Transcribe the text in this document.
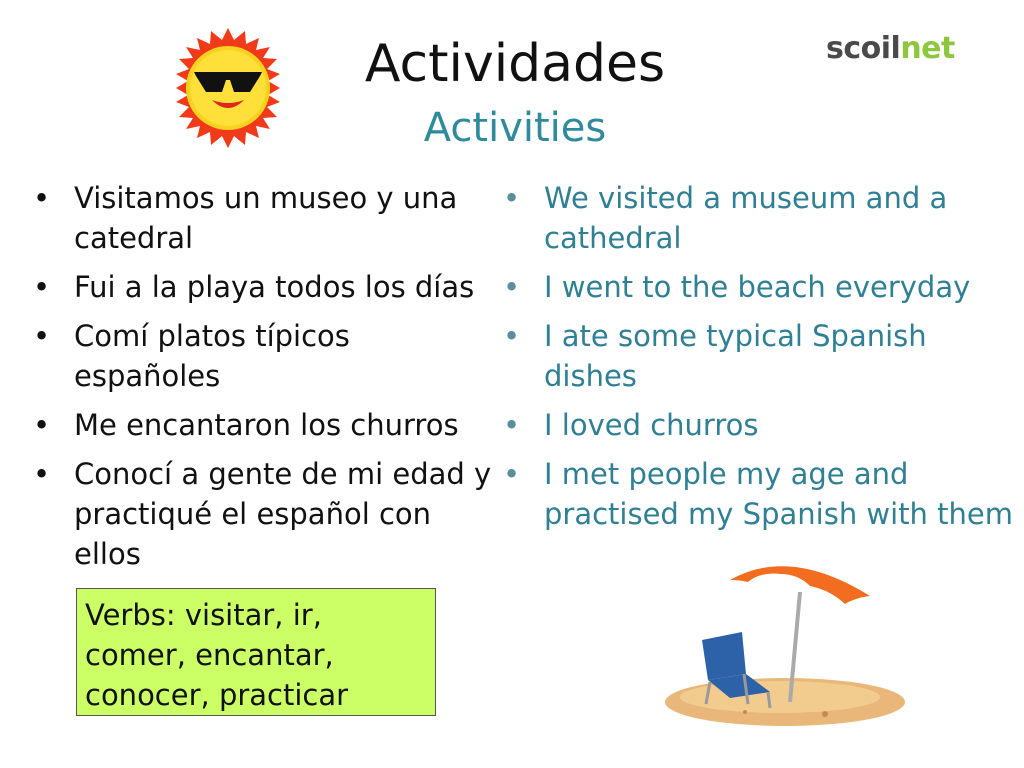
Actividades
Activities
scoilnet
• Visitamos un museo y una catedral
• Fui a la playa todos los días
• Comí platos típicos españoles
• Me encantaron los churros
• Conocí a gente de mi edad y practiqué el español con ellos
• We visited a museum and a cathedral
• I went to the beach everyday
• I ate some typical Spanish dishes
• I loved churros
• I met people my age and practised my Spanish with them
Verbs: visitar, ir, comer, encantar, conocer, practicar
